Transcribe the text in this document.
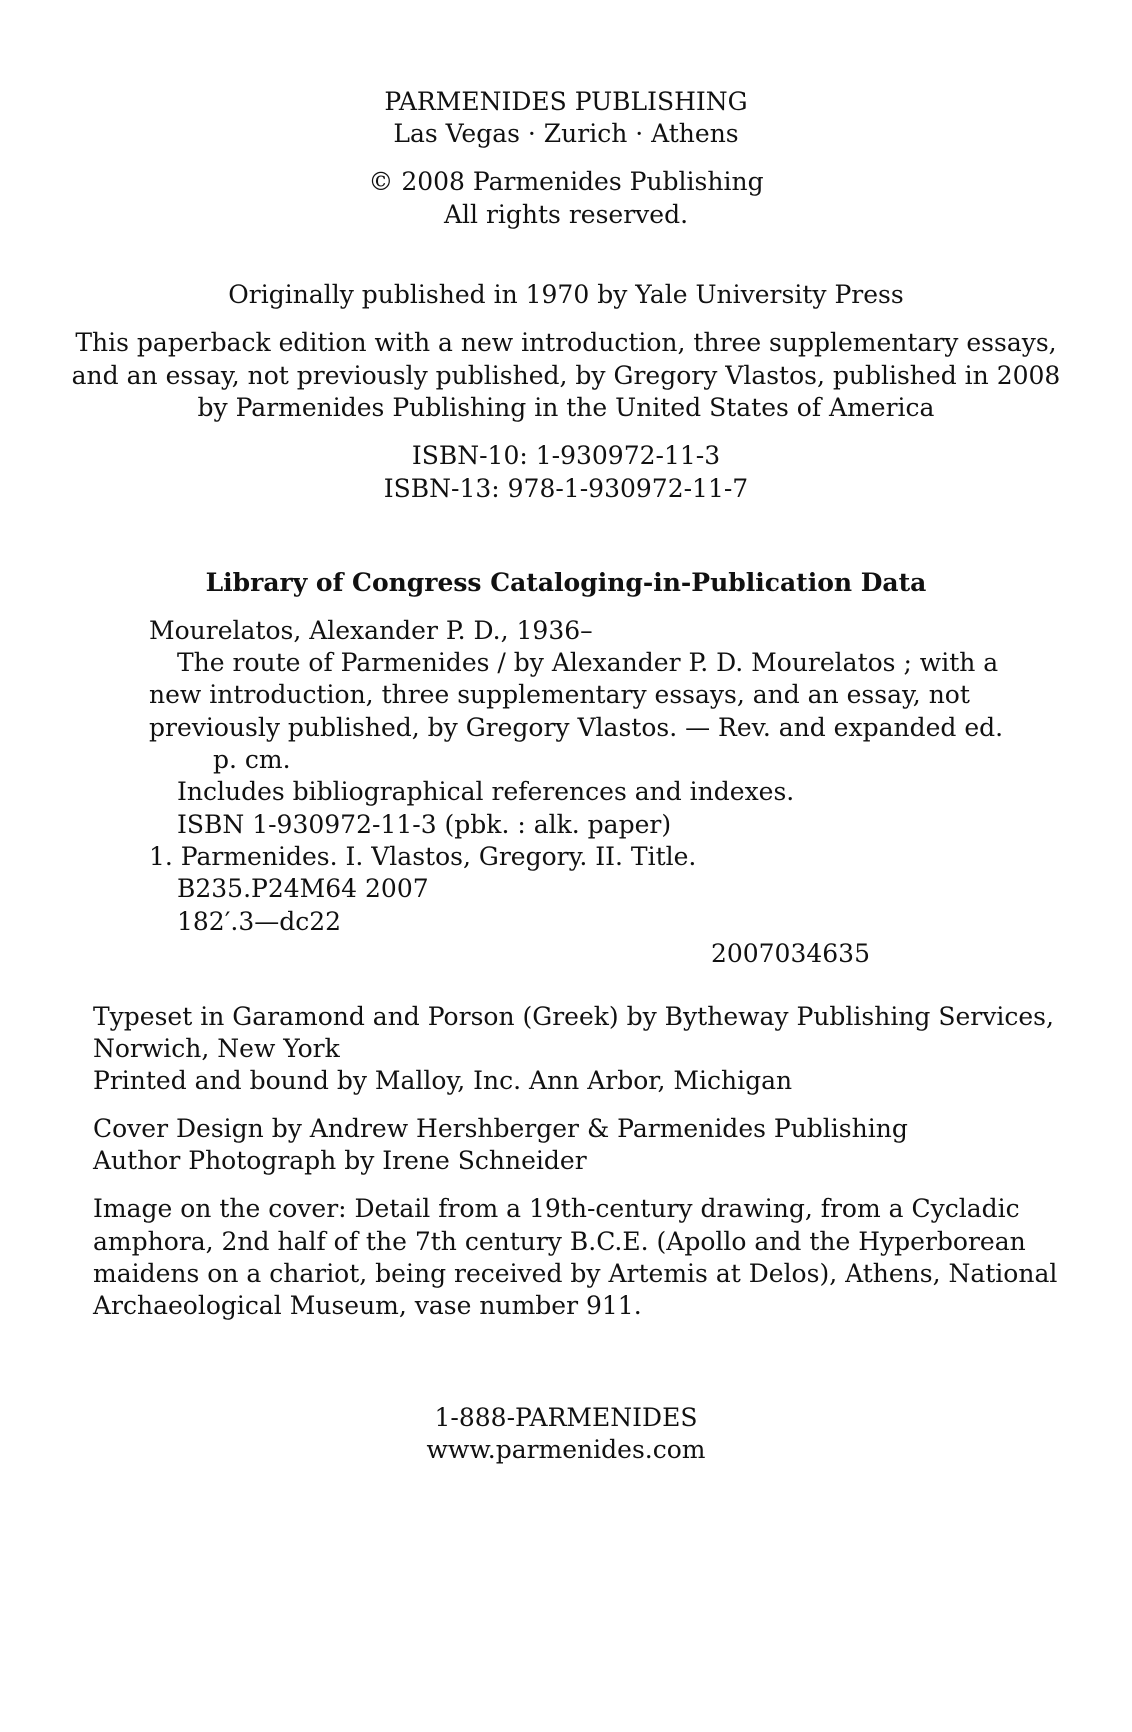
PARMENIDES PUBLISHING
Las Vegas · Zurich · Athens
© 2008 Parmenides Publishing
All rights reserved.
Originally published in 1970 by Yale University Press
This paperback edition with a new introduction, three supplementary essays,
and an essay, not previously published, by Gregory Vlastos, published in 2008
by Parmenides Publishing in the United States of America
ISBN-10: 1-930972-11-3
ISBN-13: 978-1-930972-11-7
Library of Congress Cataloging-in-Publication Data
Mourelatos, Alexander P. D., 1936–
The route of Parmenides / by Alexander P. D. Mourelatos ; with a
new introduction, three supplementary essays, and an essay, not
previously published, by Gregory Vlastos. — Rev. and expanded ed.
p. cm.
Includes bibliographical references and indexes.
ISBN 1-930972-11-3 (pbk. : alk. paper)
1. Parmenides. I. Vlastos, Gregory. II. Title.
B235.P24M64 2007
182′.3—dc22
2007034635
Typeset in Garamond and Porson (Greek) by Bytheway Publishing Services,
Norwich, New York
Printed and bound by Malloy, Inc. Ann Arbor, Michigan
Cover Design by Andrew Hershberger & Parmenides Publishing
Author Photograph by Irene Schneider
Image on the cover: Detail from a 19th-century drawing, from a Cycladic
amphora, 2nd half of the 7th century B.C.E. (Apollo and the Hyperborean
maidens on a chariot, being received by Artemis at Delos), Athens, National
Archaeological Museum, vase number 911.
1-888-PARMENIDES
www.parmenides.com
